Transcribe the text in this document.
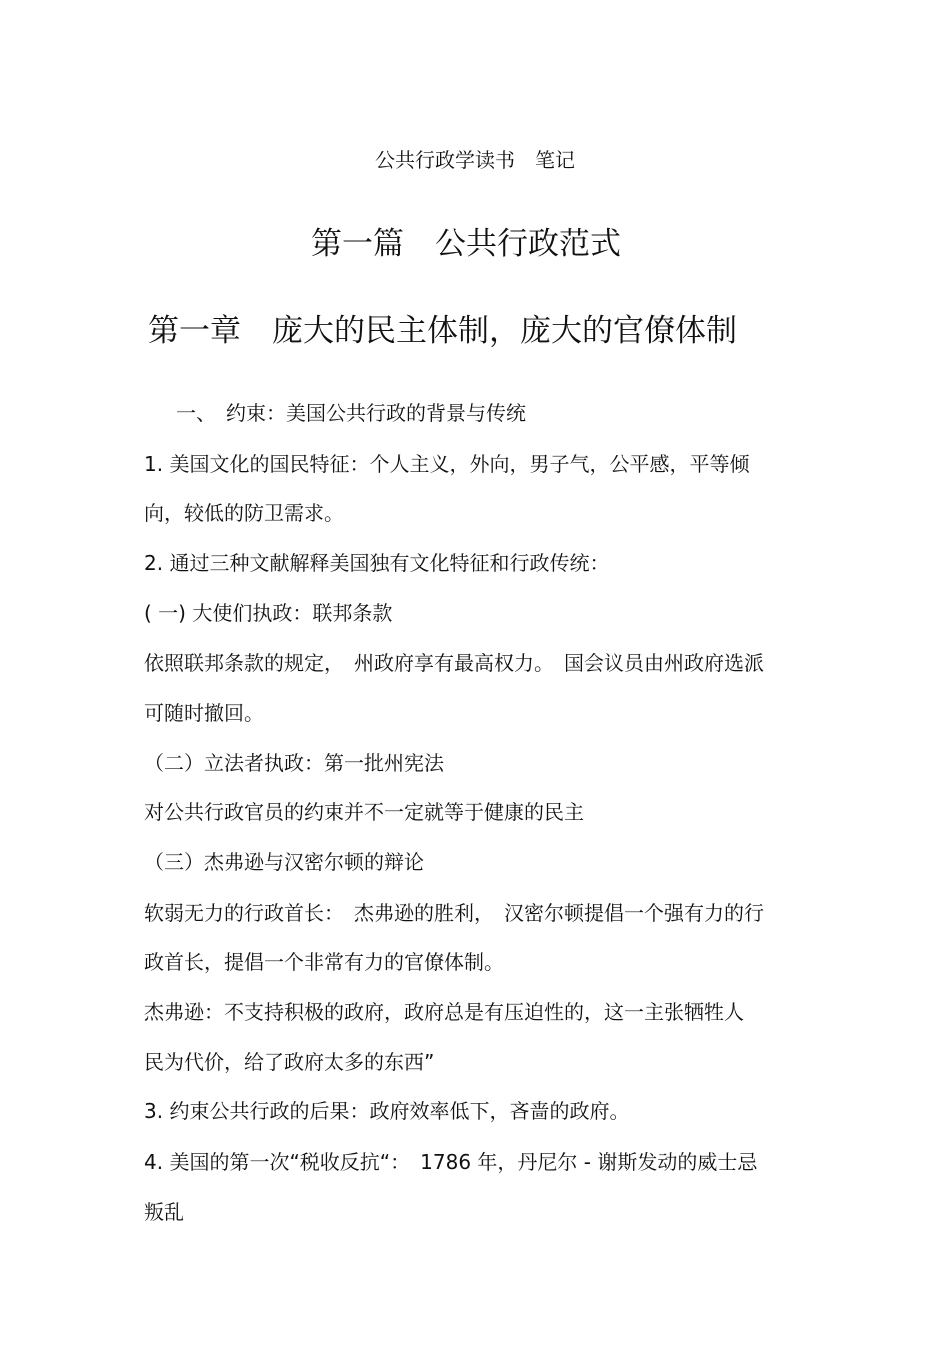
公共行政学读书　笔记
第一篇　公共行政范式
第一章　庞大的民主体制，庞大的官僚体制
一、　约束：美国公共行政的背景与传统
1. 美国文化的国民特征：个人主义，外向，男子气，公平感，平等倾
向，较低的防卫需求。
2. 通过三种文献解释美国独有文化特征和行政传统：
( 一) 大使们执政：联邦条款
依照联邦条款的规定，　州政府享有最高权力。　国会议员由州政府选派
可随时撤回。
（二）立法者执政：第一批州宪法
对公共行政官员的约束并不一定就等于健康的民主
（三）杰弗逊与汉密尔顿的辩论
软弱无力的行政首长：　杰弗逊的胜利，　汉密尔顿提倡一个强有力的行
政首长，提倡一个非常有力的官僚体制。
杰弗逊：不支持积极的政府，政府总是有压迫性的，这一主张牺牲人
民为代价，给了政府太多的东西”
3. 约束公共行政的后果：政府效率低下，吝啬的政府。
4. 美国的第一次“税收反抗“：　1786 年，丹尼尔 - 谢斯发动的威士忌
叛乱
